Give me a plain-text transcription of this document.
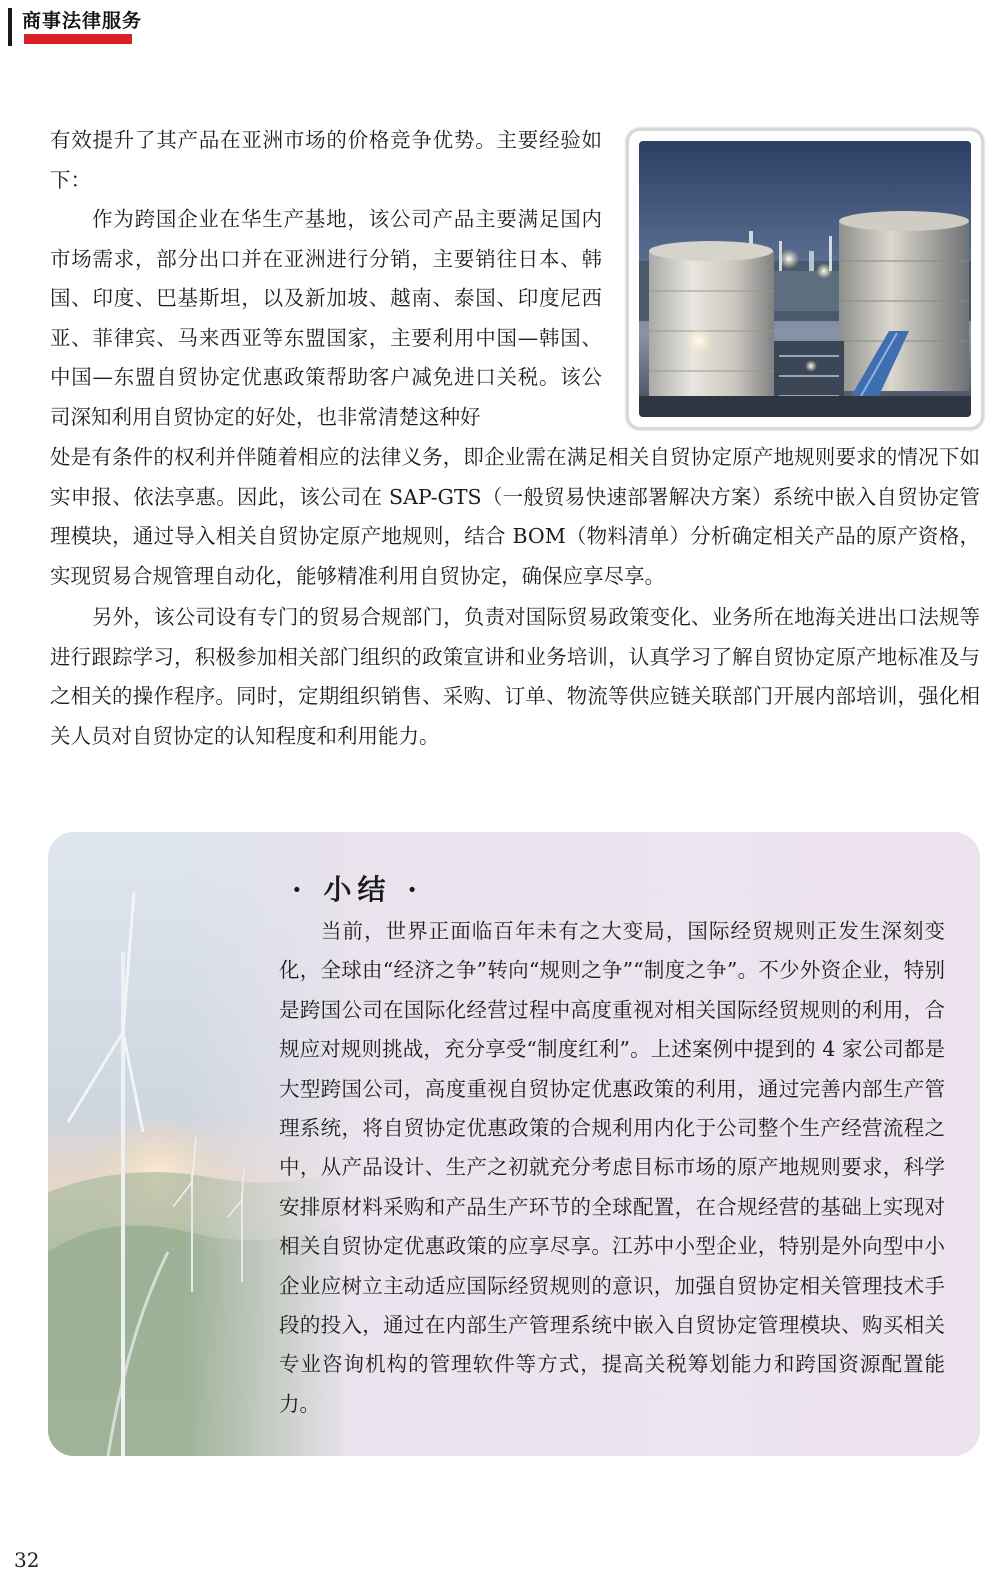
商事法律服务

有效提升了其产品在亚洲市场的价格竞争优势。主要经验如下：

作为跨国企业在华生产基地，该公司产品主要满足国内市场需求，部分出口并在亚洲进行分销，主要销往日本、韩国、印度、巴基斯坦，以及新加坡、越南、泰国、印度尼西亚、菲律宾、马来西亚等东盟国家，主要利用中国—韩国、中国—东盟自贸协定优惠政策帮助客户减免进口关税。该公司深知利用自贸协定的好处，也非常清楚这种好

处是有条件的权利并伴随着相应的法律义务，即企业需在满足相关自贸协定原产地规则要求的情况下如实申报、依法享惠。因此，该公司在 SAP-GTS（一般贸易快速部署解决方案）系统中嵌入自贸协定管理模块，通过导入相关自贸协定原产地规则，结合 BOM（物料清单）分析确定相关产品的原产资格，实现贸易合规管理自动化，能够精准利用自贸协定，确保应享尽享。

另外，该公司设有专门的贸易合规部门，负责对国际贸易政策变化、业务所在地海关进出口法规等进行跟踪学习，积极参加相关部门组织的政策宣讲和业务培训，认真学习了解自贸协定原产地标准及与之相关的操作程序。同时，定期组织销售、采购、订单、物流等供应链关联部门开展内部培训，强化相关人员对自贸协定的认知程度和利用能力。

· 小结 ·

当前，世界正面临百年未有之大变局，国际经贸规则正发生深刻变化，全球由“经济之争”转向“规则之争”“制度之争”。不少外资企业，特别是跨国公司在国际化经营过程中高度重视对相关国际经贸规则的利用，合规应对规则挑战，充分享受“制度红利”。上述案例中提到的 4 家公司都是大型跨国公司，高度重视自贸协定优惠政策的利用，通过完善内部生产管理系统，将自贸协定优惠政策的合规利用内化于公司整个生产经营流程之中，从产品设计、生产之初就充分考虑目标市场的原产地规则要求，科学安排原材料采购和产品生产环节的全球配置，在合规经营的基础上实现对相关自贸协定优惠政策的应享尽享。江苏中小型企业，特别是外向型中小企业应树立主动适应国际经贸规则的意识，加强自贸协定相关管理技术手段的投入，通过在内部生产管理系统中嵌入自贸协定管理模块、购买相关专业咨询机构的管理软件等方式，提高关税筹划能力和跨国资源配置能力。

32
